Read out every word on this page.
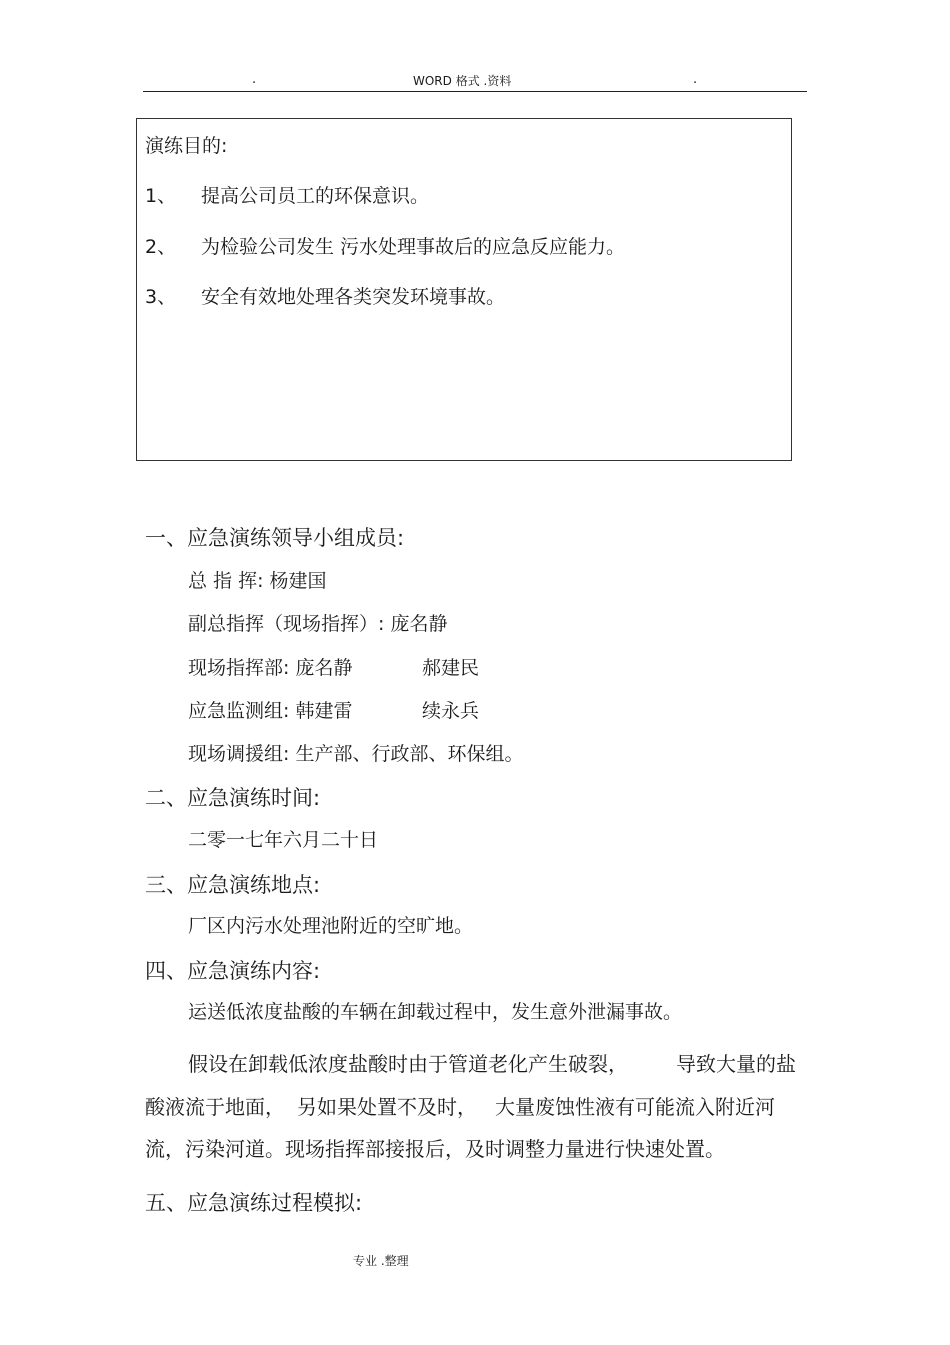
.	WORD 格式 .资料	.
演练目的:
1、 提高公司员工的环保意识。
2、 为检验公司发生 污水处理事故后的应急反应能力。
3、 安全有效地处理各类突发环境事故。
一、应急演练领导小组成员:
总 指 挥: 杨建国
副总指挥（现场指挥）: 庞名静
现场指挥部: 庞名静	郝建民
应急监测组: 韩建雷	续永兵
现场调援组: 生产部、行政部、环保组。
二、应急演练时间:
二零一七年六月二十日
三、应急演练地点:
厂区内污水处理池附近的空旷地。
四、应急演练内容:
运送低浓度盐酸的车辆在卸载过程中，发生意外泄漏事故。
假设在卸载低浓度盐酸时由于管道老化产生破裂， 导致大量的盐
酸液流于地面， 另如果处置不及时， 大量废蚀性液有可能流入附近河
流，污染河道。现场指挥部接报后，及时调整力量进行快速处置。
五、应急演练过程模拟:
专业 .整理
